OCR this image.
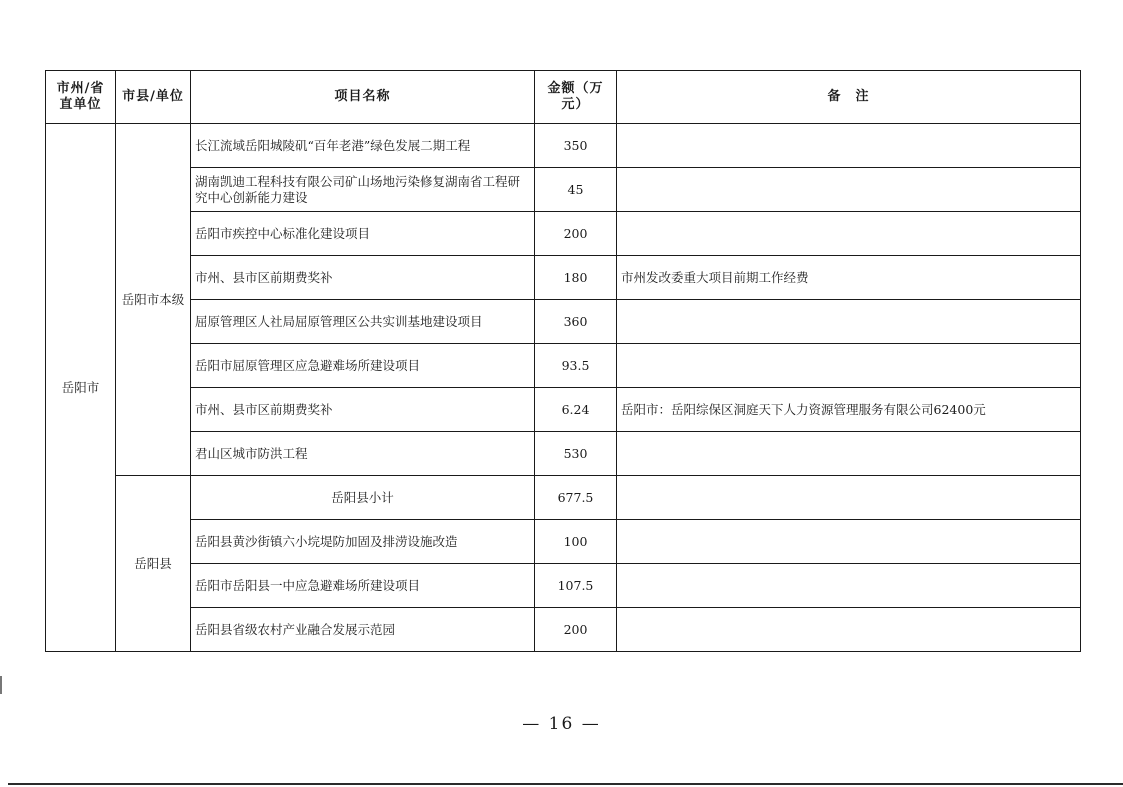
市州/省直单位	市县/单位	项目名称	金额（万元）	备　注
岳阳市	岳阳市本级	长江流域岳阳城陵矶“百年老港”绿色发展二期工程	350	
		湖南凯迪工程科技有限公司矿山场地污染修复湖南省工程研究中心创新能力建设	45	
		岳阳市疾控中心标准化建设项目	200	
		市州、县市区前期费奖补	180	市州发改委重大项目前期工作经费
		屈原管理区人社局屈原管理区公共实训基地建设项目	360	
		岳阳市屈原管理区应急避难场所建设项目	93.5	
		市州、县市区前期费奖补	6.24	岳阳市：岳阳综保区洞庭天下人力资源管理服务有限公司62400元
		君山区城市防洪工程	530	
	岳阳县	岳阳县小计	677.5	
		岳阳县黄沙街镇六小垸堤防加固及排涝设施改造	100	
		岳阳市岳阳县一中应急避难场所建设项目	107.5	
		岳阳县省级农村产业融合发展示范园	200	
— 16 —
